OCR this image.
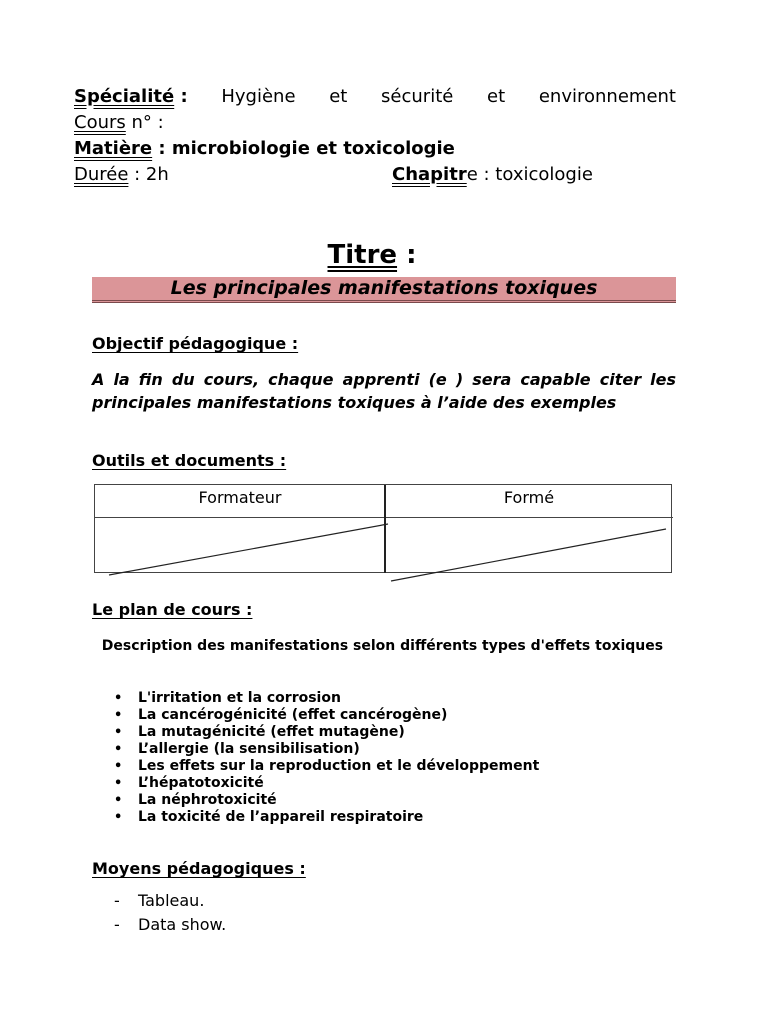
Spécialité : Hygiène et sécurité et environnement
Cours n° :
Matière : microbiologie et toxicologie
Durée : 2h	Chapitre : toxicologie
Titre :
Les principales manifestations toxiques
Objectif pédagogique :
A la fin du cours, chaque apprenti (e ) sera capable citer les principales manifestations toxiques à l’aide des exemples
Outils et documents :
Formateur	Formé
Le plan de cours :
Description des manifestations selon différents types d'effets toxiques
• L'irritation et la corrosion
• La cancérogénicité (effet cancérogène)
• La mutagénicité (effet mutagène)
• L’allergie (la sensibilisation)
• Les effets sur la reproduction et le développement
• L’hépatotoxicité
• La néphrotoxicité
• La toxicité de l’appareil respiratoire
Moyens pédagogiques :
- Tableau.
- Data show.
